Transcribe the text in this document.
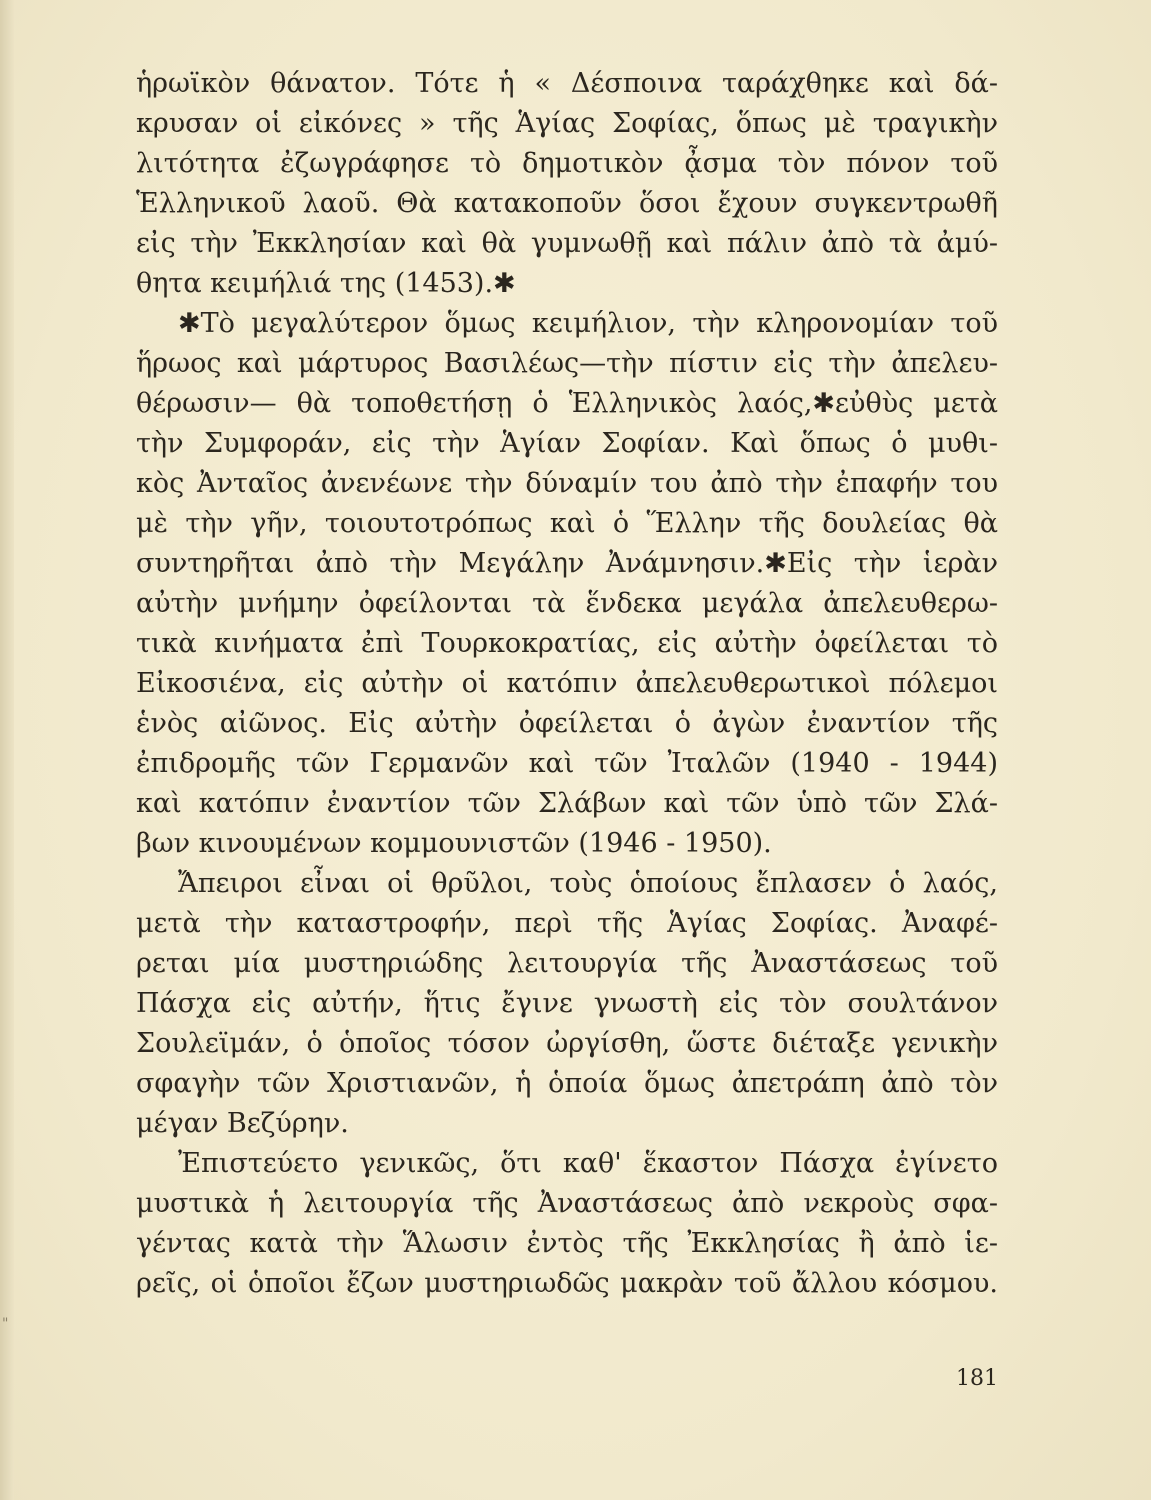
ἡρωϊκὸν θάνατον. Τότε ἡ « Δέσποινα ταράχθηκε καὶ δά-
κρυσαν οἱ εἰκόνες » τῆς Ἁγίας Σοφίας, ὅπως μὲ τραγικὴν
λιτότητα ἐζωγράφησε τὸ δημοτικὸν ᾆσμα τὸν πόνον τοῦ
Ἑλληνικοῦ λαοῦ. Θὰ κατακοποῦν ὅσοι ἔχουν συγκεντρωθῆ
εἰς τὴν Ἐκκλησίαν καὶ θὰ γυμνωθῇ καὶ πάλιν ἀπὸ τὰ ἀμύ-
θητα κειμήλιά της (1453).✱
✱Τὸ μεγαλύτερον ὅμως κειμήλιον, τὴν κληρονομίαν τοῦ
ἥρωος καὶ μάρτυρος Βασιλέως—τὴν πίστιν εἰς τὴν ἀπελευ-
θέρωσιν— θὰ τοποθετήσῃ ὁ Ἑλληνικὸς λαός,✱εὐθὺς μετὰ
τὴν Συμφοράν, εἰς τὴν Ἁγίαν Σοφίαν. Καὶ ὅπως ὁ μυθι-
κὸς Ἀνταῖος ἀνενέωνε τὴν δύναμίν του ἀπὸ τὴν ἐπαφήν του
μὲ τὴν γῆν, τοιουτοτρόπως καὶ ὁ Ἕλλην τῆς δουλείας θὰ
συντηρῆται ἀπὸ τὴν Μεγάλην Ἀνάμνησιν.✱Εἰς τὴν ἱερὰν
αὐτὴν μνήμην ὀφείλονται τὰ ἕνδεκα μεγάλα ἀπελευθερω-
τικὰ κινήματα ἐπὶ Τουρκοκρατίας, εἰς αὐτὴν ὀφείλεται τὸ
Εἰκοσιένα, εἰς αὐτὴν οἱ κατόπιν ἀπελευθερωτικοὶ πόλεμοι
ἑνὸς αἰῶνος. Εἰς αὐτὴν ὀφείλεται ὁ ἀγὼν ἐναντίον τῆς
ἐπιδρομῆς τῶν Γερμανῶν καὶ τῶν Ἰταλῶν (1940 - 1944)
καὶ κατόπιν ἐναντίον τῶν Σλάβων καὶ τῶν ὑπὸ τῶν Σλά-
βων κινουμένων κομμουνιστῶν (1946 - 1950).
Ἄπειροι εἶναι οἱ θρῦλοι, τοὺς ὁποίους ἔπλασεν ὁ λαός,
μετὰ τὴν καταστροφήν, περὶ τῆς Ἁγίας Σοφίας. Ἀναφέ-
ρεται μία μυστηριώδης λειτουργία τῆς Ἀναστάσεως τοῦ
Πάσχα εἰς αὐτήν, ἥτις ἔγινε γνωστὴ εἰς τὸν σουλτάνον
Σουλεϊμάν, ὁ ὁποῖος τόσον ὠργίσθη, ὥστε διέταξε γενικὴν
σφαγὴν τῶν Χριστιανῶν, ἡ ὁποία ὅμως ἀπετράπη ἀπὸ τὸν
μέγαν Βεζύρην.
Ἐπιστεύετο γενικῶς, ὅτι καθ' ἕκαστον Πάσχα ἐγίνετο
μυστικὰ ἡ λειτουργία τῆς Ἀναστάσεως ἀπὸ νεκροὺς σφα-
γέντας κατὰ τὴν Ἅλωσιν ἐντὸς τῆς Ἐκκλησίας ἢ ἀπὸ ἱε-
ρεῖς, οἱ ὁποῖοι ἔζων μυστηριωδῶς μακρὰν τοῦ ἄλλου κόσμου.
"
181
